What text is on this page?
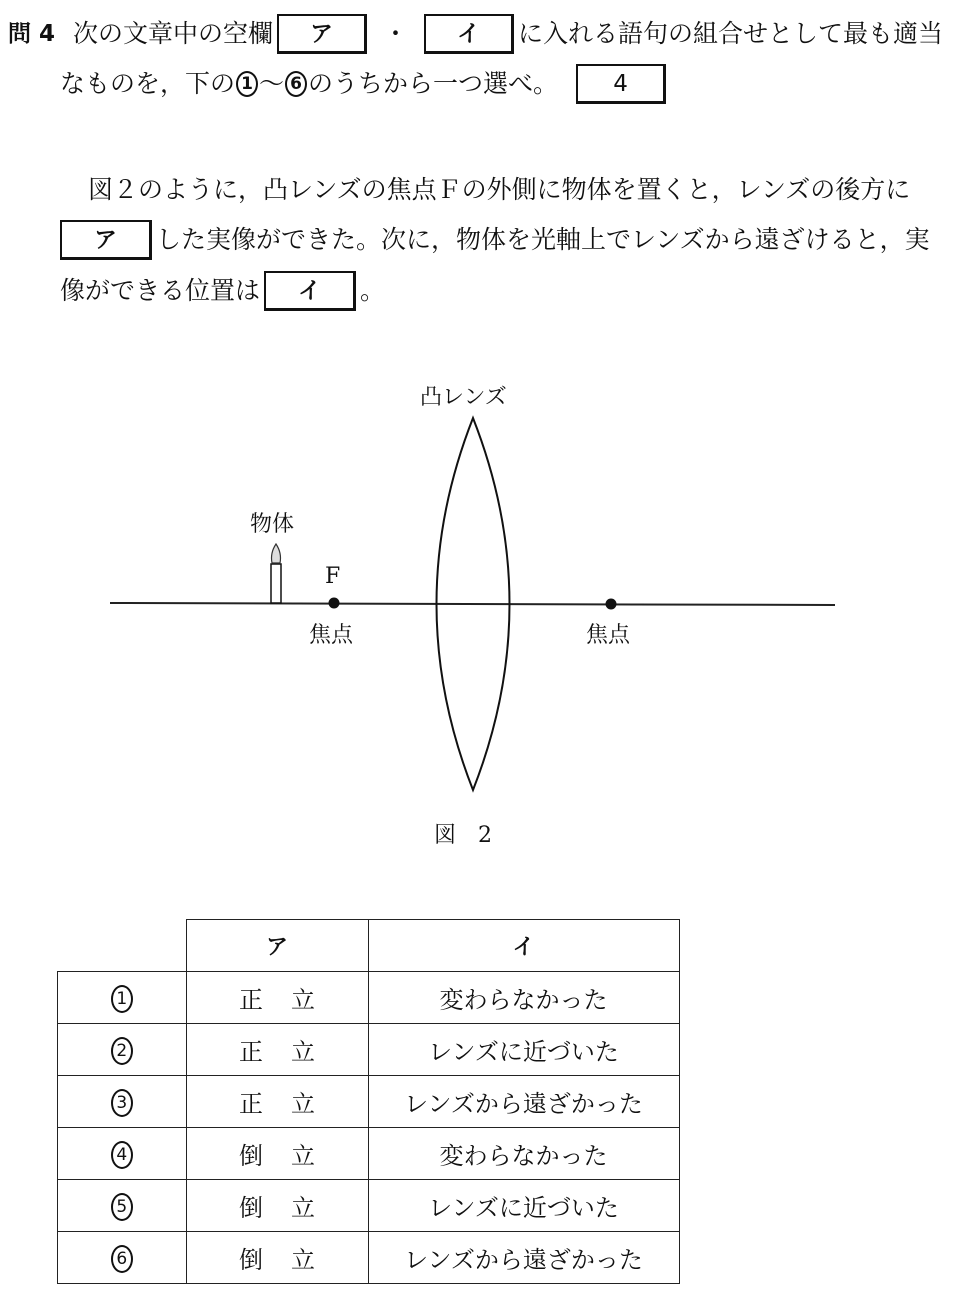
問 4 次の文章中の空欄	ア	・	イ	に入れる語句の組合せとして最も適当
なものを，下の 1 ～ 6 のうちから一つ選べ。	4
図２のように，凸レンズの焦点Ｆの外側に物体を置くと，レンズの後方に
ア	した実像ができた。次に，物体を光軸上でレンズから遠ざけると，実
像ができる位置は	イ	。
凸レンズ
物体
F
焦点	焦点
図　2
	ア	イ
1	正立	変わらなかった
2	正立	レンズに近づいた
3	正立	レンズから遠ざかった
4	倒立	変わらなかった
5	倒立	レンズに近づいた
6	倒立	レンズから遠ざかった
